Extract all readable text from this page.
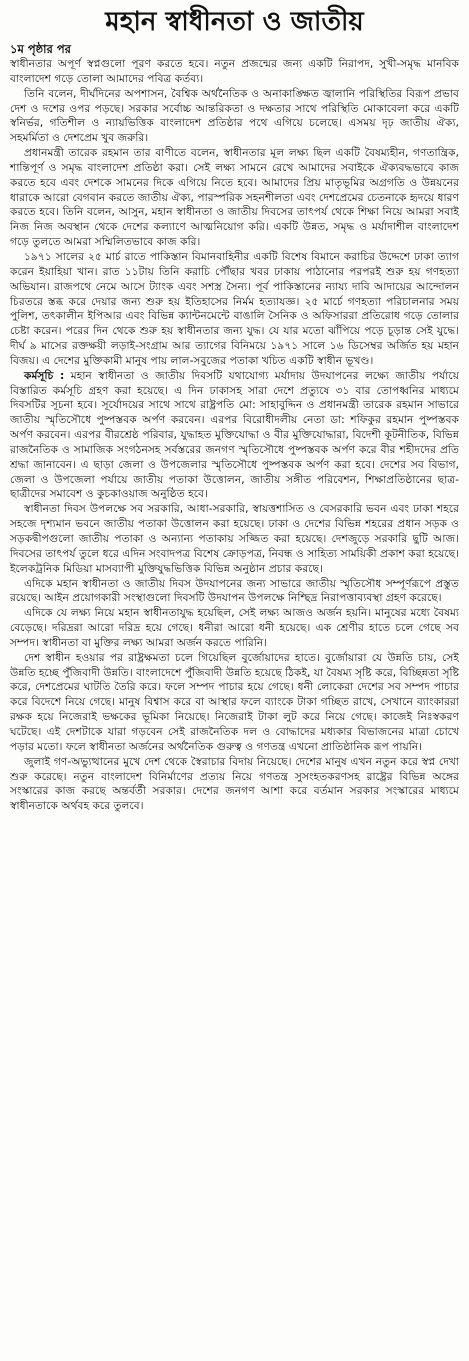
মহান স্বাধীনতা ও জাতীয়

১ম পৃষ্ঠার পর

স্বাধীনতার অপূর্ণ স্বপ্নগুলো পূরণ করতে হবে। নতুন প্রজন্মের জন্য একটি নিরাপদ, সুখী-সমৃদ্ধ মানবিক বাংলাদেশ গড়ে তোলা আমাদের পবিত্র কর্তব্য।

তিনি বলেন, দীর্ঘদিনের অপশাসন, বৈশ্বিক অর্থনৈতিক ও অনাকাঙ্ক্ষিত জ্বালানি পরিস্থিতির বিরূপ প্রভাব দেশ ও দশের ওপর পড়ছে। সরকার সর্বোচ্চ আন্তরিকতা ও দক্ষতার সাথে পরিস্থিতি মোকাবেলা করে একটি স্বনির্ভর, গতিশীল ও ন্যায়ভিত্তিক বাংলাদেশ প্রতিষ্ঠার পথে এগিয়ে চলেছে। এসময় দৃঢ় জাতীয় ঐক্য, সহমর্মিতা ও দেশপ্রেম খুব জরুরি।

প্রধানমন্ত্রী তারেক রহমান তার বাণীতে বলেন, স্বাধীনতার মূল লক্ষ্য ছিল একটি বৈষম্যহীন, গণতান্ত্রিক, শান্তিপূর্ণ ও সমৃদ্ধ বাংলাদেশ প্রতিষ্ঠা করা। সেই লক্ষ্য সামনে রেখে আমাদের সবাইকে ঐক্যবদ্ধভাবে কাজ করতে হবে এবং দেশকে সামনের দিকে এগিয়ে নিতে হবে। আমাদের প্রিয় মাতৃভূমির অগ্রগতি ও উন্নয়নের ধারাকে আরো বেগবান করতে জাতীয় ঐক্য, পারস্পরিক সহনশীলতা এবং দেশপ্রেমের চেতনাকে হৃদয়ে ধারণ করতে হবে। তিনি বলেন, আসুন, মহান স্বাধীনতা ও জাতীয় দিবসের তাৎপর্য থেকে শিক্ষা নিয়ে আমরা সবাই নিজ নিজ অবস্থান থেকে দেশের কল্যাণে আত্মনিয়োগ করি। একটি উন্নত, সমৃদ্ধ ও মর্যাদাশীল বাংলাদেশ গড়ে তুলতে আমরা সম্মিলিতভাবে কাজ করি।

১৯৭১ সালের ২৫ মার্চ রাতে পাকিস্তান বিমানবাহিনীর একটি বিশেষ বিমানে করাচির উদ্দেশে ঢাকা ত্যাগ করেন ইয়াহিয়া খান। রাত ১১টায় তিনি করাচি পৌঁছার খবর ঢাকায় পাঠানোর পরপরই শুরু হয় গণহত্যা অভিযান। রাজপথে নেমে আসে ট্যাংক এবং সশস্ত্র সৈন্য। পূর্ব পাকিস্তানের ন্যায্য দাবি আদায়ের আন্দোলন চিরতরে স্তব্ধ করে দেয়ার জন্য শুরু হয় ইতিহাসের নির্মম হত্যাযজ্ঞ। ২৫ মার্চে গণহত্যা পরিচালনার সময় পুলিশ, তৎকালীন ইপিআর এবং বিভিন্ন ক্যান্টনমেন্টে বাঙালি সৈনিক ও অফিসাররা প্রতিরোধ গড়ে তোলার চেষ্টা করেন। পরের দিন থেকে শুরু হয় স্বাধীনতার জন্য যুদ্ধ। যে যার মতো ঝাঁপিয়ে পড়ে চূড়ান্ত সেই যুদ্ধে। দীর্ঘ ৯ মাসের রক্তক্ষয়ী লড়াই-সংগ্রাম আর ত্যাগের বিনিময়ে ১৯৭১ সালে ১৬ ডিসেম্বর অর্জিত হয় মহান বিজয়। এ দেশের মুক্তিকামী মানুষ পায় লাল-সবুজের পতাকা খচিত একটি স্বাধীন ভূখণ্ড।

কর্মসূচি : মহান স্বাধীনতা ও জাতীয় দিবসটি যথাযোগ্য মর্যাদায় উদযাপনের লক্ষ্যে জাতীয় পর্যায়ে বিস্তারিত কর্মসূচি গ্রহণ করা হয়েছে। এ দিন ঢাকাসহ সারা দেশে প্রত্যুষে ৩১ বার তোপধ্বনির মাধ্যমে দিবসটির সূচনা হবে। সূর্যোদয়ের সাথে সাথে রাষ্ট্রপতি মো: সাহাবুদ্দিন ও প্রধানমন্ত্রী তারেক রহমান সাভারে জাতীয় স্মৃতিসৌধে পুষ্পস্তবক অর্পণ করবেন। এরপর বিরোধীদলীয় নেতা ডা: শফিকুর রহমান পুষ্পস্তবক অর্পণ করবেন। এরপর বীরশ্রেষ্ঠ পরিবার, যুদ্ধাহত মুক্তিযোদ্ধা ও বীর মুক্তিযোদ্ধারা, বিদেশী কূটনীতিক, বিভিন্ন রাজনৈতিক ও সামাজিক সংগঠনসহ সর্বস্তরের জনগণ স্মৃতিসৌধে পুষ্পস্তবক অর্পণ করে বীর শহীদদের প্রতি শ্রদ্ধা জানাবেন। এ ছাড়া জেলা ও উপজেলার স্মৃতিসৌধে পুষ্পস্তবক অর্পণ করা হবে। দেশের সব বিভাগ, জেলা ও উপজেলা পর্যায়ে জাতীয় পতাকা উত্তোলন, জাতীয় সঙ্গীত পরিবেশন, শিক্ষাপ্রতিষ্ঠানের ছাত্র-ছাত্রীদের সমাবেশ ও কুচকাওয়াজ অনুষ্ঠিত হবে।

স্বাধীনতা দিবস উপলক্ষে সব সরকারি, আধা-সরকারি, স্বায়ত্তশাসিত ও বেসরকারি ভবন এবং ঢাকা শহরে সহজে দৃশ্যমান ভবনে জাতীয় পতাকা উত্তোলন করা হয়েছে। ঢাকা ও দেশের বিভিন্ন শহরের প্রধান সড়ক ও সড়কদ্বীপগুলো জাতীয় পতাকা ও অন্যান্য পতাকায় সজ্জিত করা হয়েছে। দেশজুড়ে সরকারি ছুটি আজ। দিবসের তাৎপর্য তুলে ধরে এদিন সংবাদপত্র বিশেষ ক্রোড়পত্র, নিবন্ধ ও সাহিত্য সাময়িকী প্রকাশ করা হয়েছে। ইলেকট্রনিক মিডিয়া মাসব্যাপী মুক্তিযুদ্ধভিত্তিক বিভিন্ন অনুষ্ঠান প্রচার করছে।

এদিকে মহান স্বাধীনতা ও জাতীয় দিবস উদযাপনের জন্য সাভারে জাতীয় স্মৃতিসৌধ সম্পূর্ণরূপে প্রস্তুত রয়েছে। আইন প্রয়োগকারী সংস্থাগুলো দিবসটি উদযাপন উপলক্ষে নিশ্ছিদ্র নিরাপত্তাব্যবস্থা গ্রহণ করেছে।

এদিকে যে লক্ষ্য নিয়ে মহান স্বাধীনতাযুদ্ধ হয়েছিল, সেই লক্ষ্য আজও অর্জন হয়নি। মানুষের মধ্যে বৈষম্য বেড়েছে। দরিদ্ররা আরো দরিদ্র হয়ে গেছে। ধনীরা আরো ধনী হয়েছে। এক শ্রেণীর হাতে চলে গেছে সব সম্পদ। স্বাধীনতা বা মুক্তির লক্ষ্য আমরা অর্জন করতে পারিনি।

দেশ স্বাধীন হওয়ার পর রাষ্ট্রক্ষমতা চলে গিয়েছিল বুর্জোয়াদের হাতে। বুর্জোয়ারা যে উন্নতি চায়, সেই উন্নতি হচ্ছে পুঁজিবাদী উন্নতি। বাংলাদেশে পুঁজিবাদী উন্নতি হয়েছে ঠিকই, যা বৈষম্য সৃষ্টি করে, বিচ্ছিন্নতা সৃষ্টি করে, দেশপ্রেমের ঘাটতি তৈরি করে। ফলে সম্পদ পাচার হয়ে গেছে। ধনী লোকেরা দেশের সব সম্পদ পাচার করে বিদেশে নিয়ে গেছে। মানুষ বিশ্বাস করে বা আস্থার ফলে ব্যাংকে টাকা গচ্ছিত রাখে, সেখানে ব্যাংকাররা রক্ষক হয়ে নিজেরাই ভক্ষকের ভূমিকা নিয়েছে। নিজেরাই টাকা লুট করে নিয়ে গেছে। কাজেই নিঃস্বকরণ ঘটেছে। এই দেশটাকে যারা গড়বেন সেই রাজনৈতিক দল ও বোদ্ধাদের মধ্যকার বিভাজনের মাত্রা চোখে পড়ার মতো। ফলে স্বাধীনতা অর্জনের অর্থনৈতিক গুরুত্ব ও গণতন্ত্র এখনো প্রাতিষ্ঠানিক রূপ পায়নি।

জুলাই গণ-অভ্যুত্থানের মুখে দেশ থেকে স্বৈরাচার বিদায় নিয়েছে। দেশের মানুষ এখন নতুন করে স্বপ্ন দেখা শুরু করেছে। নতুন বাংলাদেশ বিনির্মাণের প্রত্যয় নিয়ে গণতন্ত্র সুসংহতকরণসহ রাষ্ট্রের বিভিন্ন অঙ্গের সংস্কারের কাজ করছে অন্তর্বর্তী সরকার। দেশের জনগণ আশা করে বর্তমান সরকার সংস্কারের মাধ্যমে স্বাধীনতাকে অর্থবহ করে তুলবে।
